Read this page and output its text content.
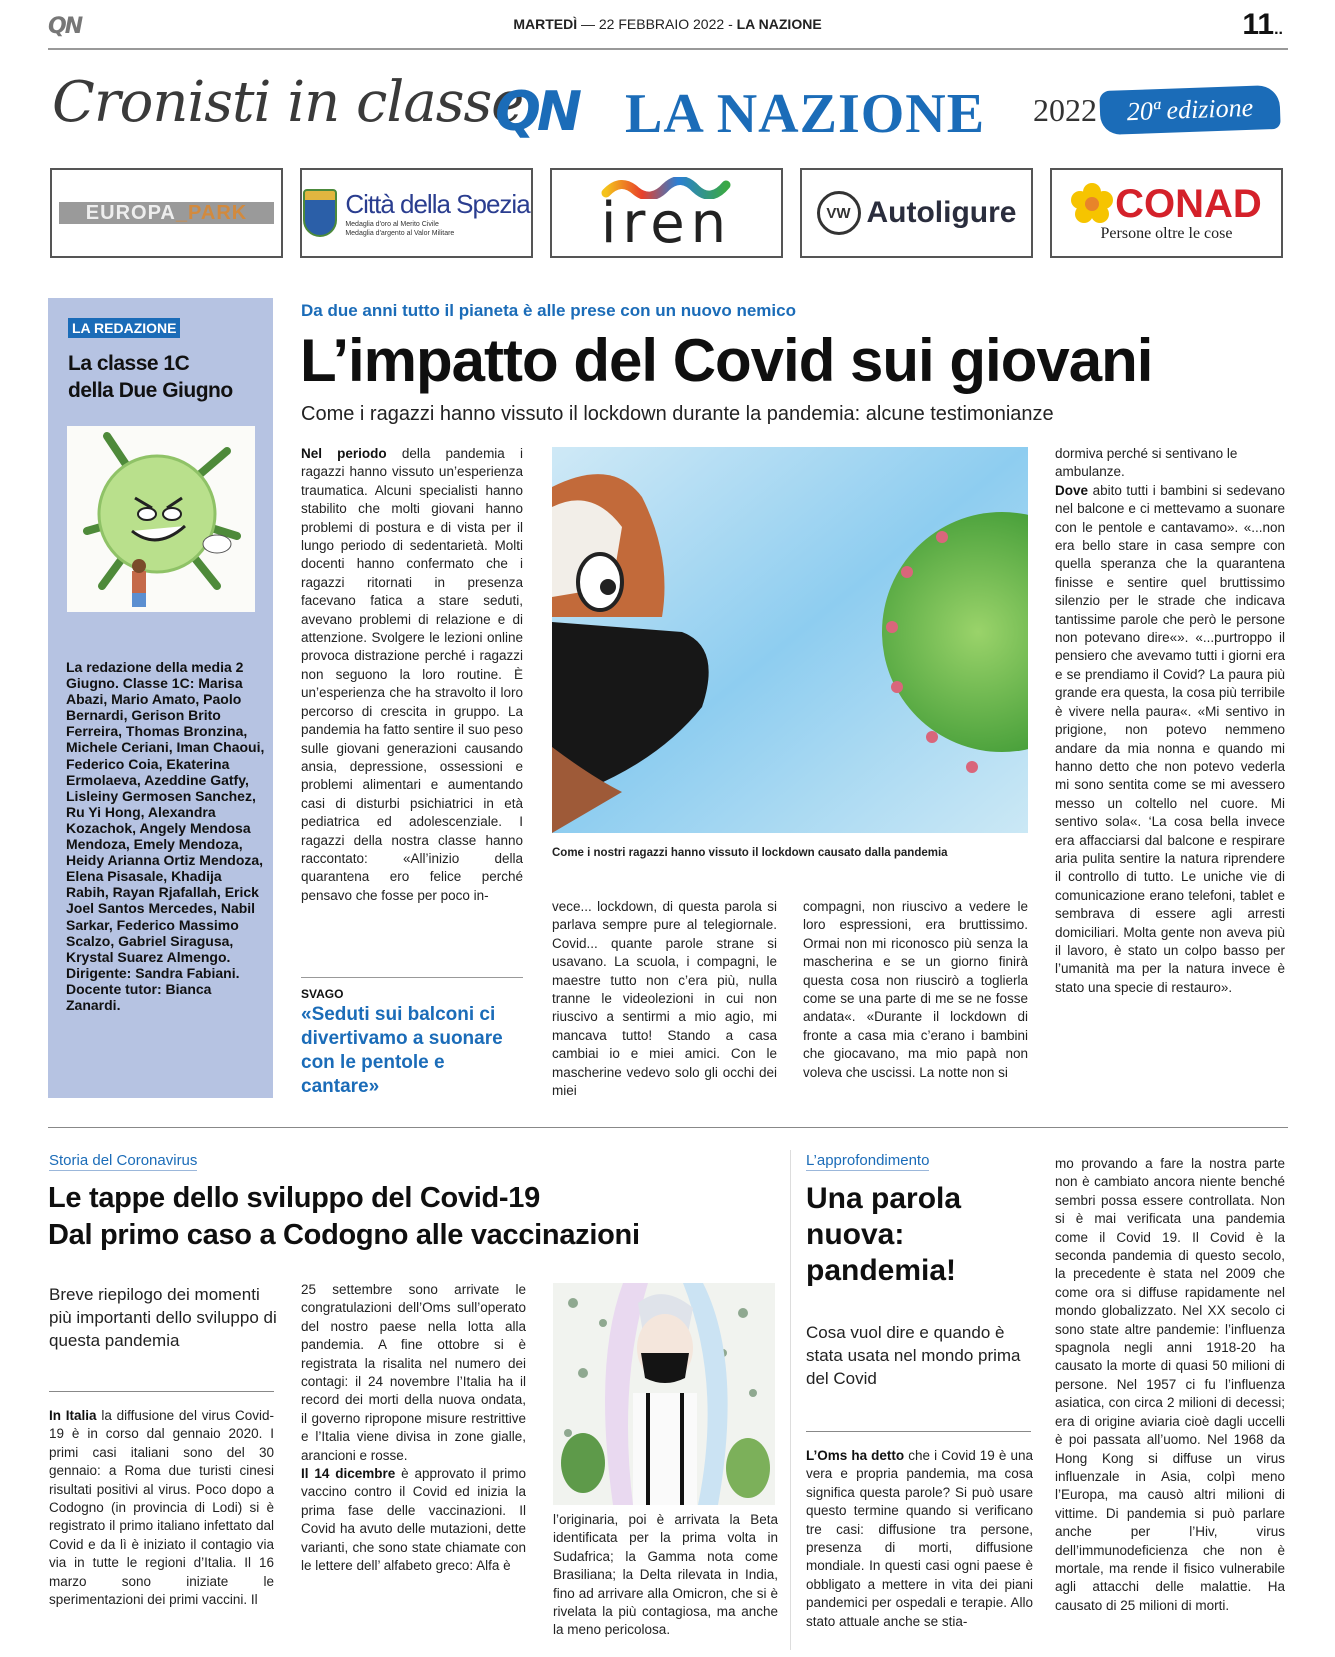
QN	MARTEDÌ — 22 FEBBRAIO 2022 - LA NAZIONE	11..
Cronisti in classe
QN LA NAZIONE 2022	20ª edizione
EUROPA_PARK	Città della Spezia
Medaglia d'oro al Merito Civile
Medaglia d'argento al Valor Militare	iren	VW Autoligure CONAD
Persone oltre le cose
LA REDAZIONE
La classe 1C
della Due Giugno
La redazione della media 2 Giugno. Classe 1C: Marisa Abazi, Mario Amato, Paolo Bernardi, Gerison Brito Ferreira, Thomas Bronzina, Michele Ceriani, Iman Chaoui, Federico Coia, Ekaterina Ermolaeva, Azeddine Gatfy, Lisleiny Germosen Sanchez, Ru Yi Hong, Alexandra Kozachok, Angely Mendosa Mendoza, Emely Mendoza, Heidy Arianna Ortiz Mendoza, Elena Pisasale, Khadija Rabih, Rayan Rjafallah, Erick Joel Santos Mercedes, Nabil Sarkar, Federico Massimo Scalzo, Gabriel Siragusa, Krystal Suarez Almengo. Dirigente: Sandra Fabiani. Docente tutor: Bianca Zanardi.
Da due anni tutto il pianeta è alle prese con un nuovo nemico
L’impatto del Covid sui giovani
Come i ragazzi hanno vissuto il lockdown durante la pandemia: alcune testimonianze
Nel periodo della pandemia i ragazzi hanno vissuto un’esperienza traumatica. Alcuni specialisti hanno stabilito che molti giovani hanno problemi di postura e di vista per il lungo periodo di sedentarietà. Molti docenti hanno confermato che i ragazzi ritornati in presenza facevano fatica a stare seduti, avevano problemi di relazione e di attenzione. Svolgere le lezioni online provoca distrazione perché i ragazzi non seguono la loro routine. È un’esperienza che ha stravolto il loro percorso di crescita in gruppo. La pandemia ha fatto sentire il suo peso sulle giovani generazioni causando ansia, depressione, ossessioni e problemi alimentari e aumentando casi di disturbi psichiatrici in età pediatrica ed adolescenziale. I ragazzi della nostra classe hanno raccontato: «All’inizio della quarantena ero felice perché pensavo che fosse per poco in-
SVAGO
«Seduti sui balconi ci divertivamo a suonare con le pentole e cantare»
Come i nostri ragazzi hanno vissuto il lockdown causato dalla pandemia
vece... lockdown, di questa parola si parlava sempre pure al telegiornale. Covid... quante parole strane si usavano. La scuola, i compagni, le maestre tutto non c’era più, nulla tranne le videolezioni in cui non riuscivo a sentirmi a mio agio, mi mancava tutto! Stando a casa cambiai io e miei amici. Con le mascherine vedevo solo gli occhi dei miei
compagni, non riuscivo a vedere le loro espressioni, era bruttissimo. Ormai non mi riconosco più senza la mascherina e se un giorno finirà questa cosa non riuscirò a toglierla come se una parte di me se ne fosse andata«. «Durante il lockdown di fronte a casa mia c’erano i bambini che giocavano, ma mio papà non voleva che uscissi. La notte non si
dormiva perché si sentivano le ambulanze.
Dove abito tutti i bambini si sedevano nel balcone e ci mettevamo a suonare con le pentole e cantavamo». «...non era bello stare in casa sempre con quella speranza che la quarantena finisse e sentire quel bruttissimo silenzio per le strade che indicava tantissime parole che però le persone non potevano dire«». «...purtroppo il pensiero che avevamo tutti i giorni era e se prendiamo il Covid? La paura più grande era questa, la cosa più terribile è vivere nella paura«. «Mi sentivo in prigione, non potevo nemmeno andare da mia nonna e quando mi hanno detto che non potevo vederla mi sono sentita come se mi avessero messo un coltello nel cuore. Mi sentivo sola«. ‘La cosa bella invece era affacciarsi dal balcone e respirare aria pulita sentire la natura riprendere il controllo di tutto. Le uniche vie di comunicazione erano telefoni, tablet e sembrava di essere agli arresti domiciliari. Molta gente non aveva più il lavoro, è stato un colpo basso per l’umanità ma per la natura invece è stato una specie di restauro».
Storia del Coronavirus
Le tappe dello sviluppo del Covid-19
Dal primo caso a Codogno alle vaccinazioni
Breve riepilogo dei momenti più importanti dello sviluppo di questa pandemia
In Italia la diffusione del virus Covid-19 è in corso dal gennaio 2020. I primi casi italiani sono del 30 gennaio: a Roma due turisti cinesi risultati positivi al virus. Poco dopo a Codogno (in provincia di Lodi) si è registrato il primo italiano infettato dal Covid e da lì è iniziato il contagio via via in tutte le regioni d’Italia. Il 16 marzo sono iniziate le sperimentazioni dei primi vaccini. Il
25 settembre sono arrivate le congratulazioni dell’Oms sull’operato del nostro paese nella lotta alla pandemia. A fine ottobre si è registrata la risalita nel numero dei contagi: il 24 novembre l’Italia ha il record dei morti della nuova ondata, il governo ripropone misure restrittive e l’Italia viene divisa in zone gialle, arancioni e rosse.
Il 14 dicembre è approvato il primo vaccino contro il Covid ed inizia la prima fase delle vaccinazioni. Il Covid ha avuto delle mutazioni, dette varianti, che sono state chiamate con le lettere dell’ alfabeto greco: Alfa è
l’originaria, poi è arrivata la Beta identificata per la prima volta in Sudafrica; la Gamma nota come Brasiliana; la Delta rilevata in India, fino ad arrivare alla Omicron, che si è rivelata la più contagiosa, ma anche la meno pericolosa.
L’approfondimento
Una parola
nuova:
pandemia!
Cosa vuol dire e quando è stata usata nel mondo prima del Covid
L’Oms ha detto che i Covid 19 è una vera e propria pandemia, ma cosa significa questa parole? Si può usare questo termine quando si verificano tre casi: diffusione tra persone, presenza di morti, diffusione mondiale. In questi casi ogni paese è obbligato a mettere in vita dei piani pandemici per ospedali e terapie. Allo stato attuale anche se stia-
mo provando a fare la nostra parte non è cambiato ancora niente benché sembri possa essere controllata. Non si è mai verificata una pandemia come il Covid 19. Il Covid è la seconda pandemia di questo secolo, la precedente è stata nel 2009 che come ora si diffuse rapidamente nel mondo globalizzato. Nel XX secolo ci sono state altre pandemie: l’influenza spagnola negli anni 1918-20 ha causato la morte di quasi 50 milioni di persone. Nel 1957 ci fu l’influenza asiatica, con circa 2 milioni di decessi; era di origine aviaria cioè dagli uccelli è poi passata all’uomo. Nel 1968 da Hong Kong si diffuse un virus influenzale in Asia, colpì meno l’Europa, ma causò altri milioni di vittime. Di pandemia si può parlare anche per l’Hiv, virus dell’immunodeficienza che non è mortale, ma rende il fisico vulnerabile agli attacchi delle malattie. Ha causato di 25 milioni di morti.
